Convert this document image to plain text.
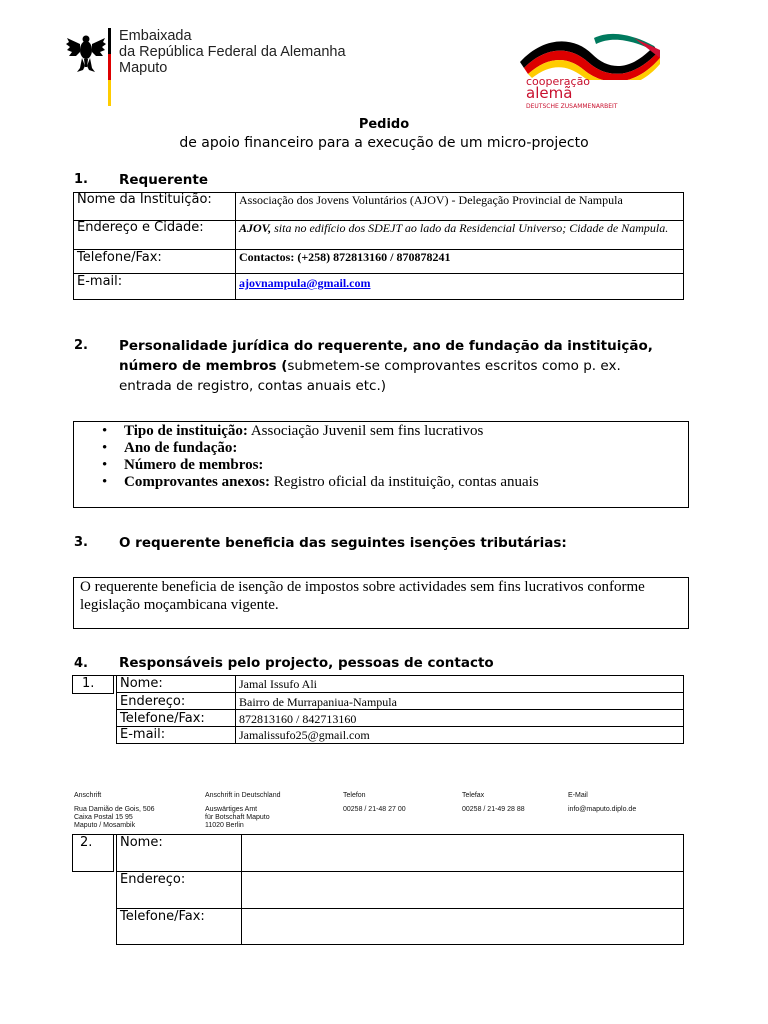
Embaixada
da República Federal da Alemanha
Maputo
cooperação
alemã
DEUTSCHE ZUSAMMENARBEIT
Pedido
de apoio financeiro para a execução de um micro-projecto
1. Requerente
Nome da Instituição:	Associação dos Jovens Voluntários (AJOV) - Delegação Provincial de Nampula
Endereço e Cidade:	AJOV, sita no edifício dos SDEJT ao lado da Residencial Universo; Cidade de Nampula.
Telefone/Fax:	Contactos: (+258) 872813160 / 870878241
E-mail:	ajovnampula@gmail.com
2. Personalidade jurídica do requerente, ano de fundação da instituição, número de membros (submetem-se comprovantes escritos como p. ex. entrada de registro, contas anuais etc.)
• Tipo de instituição: Associação Juvenil sem fins lucrativos
• Ano de fundação:
• Número de membros:
• Comprovantes anexos: Registro oficial da instituição, contas anuais
3. O requerente beneficia das seguintes isenções tributárias:
O requerente beneficia de isenção de impostos sobre actividades sem fins lucrativos conforme legislação moçambicana vigente.
4. Responsáveis pelo projecto, pessoas de contacto
1.	Nome:	Jamal Issufo Ali
	Endereço:	Bairro de Murrapaniua-Nampula
	Telefone/Fax:	872813160 / 842713160
	E-mail:	Jamalissufo25@gmail.com
Anschrift
Rua Damião de Gois, 506
Caixa Postal 15 95
Maputo / Mosambik
Anschrift in Deutschland
Auswärtiges Amt
für Botschaft Maputo
11020 Berlin
Telefon
00258 / 21-48 27 00
Telefax
00258 / 21-49 28 88
E-Mail
info@maputo.diplo.de
2.	Nome:	
	Endereço:	
	Telefone/Fax:	
